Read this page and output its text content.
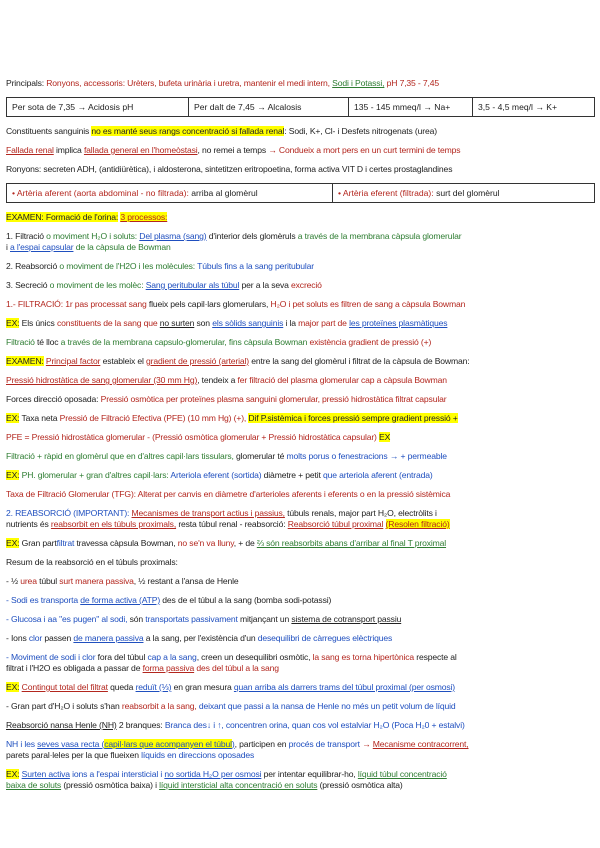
Principals: Ronyons, accessoris: Urèters, bufeta urinària i uretra, mantenir el medi intern, Sodi i Potassi, pH 7,35 - 7,45
Per sota de 7,35 → Acidosis pH	Per dalt de 7,45 → Alcalosis	135 - 145 mmeq/l → Na+	3,5 - 4,5 meq/l → K+
Constituents sanguinis no es manté seus rangs concentració si fallada renal: Sodi, K+, Cl- i Desfets nitrogenats (urea)
Fallada renal implica fallada general en l'homeòstasi, no remei a temps → Condueix a mort pers en un curt termini de temps
Ronyons: secreten ADH, (antidiürètica), i aldosterona, sintetitzen eritropoetina, forma activa VIT D i certes prostaglandines
• Artèria aferent (aorta abdominal - no filtrada): arriba al glomèrul	• Artèria eferent (filtrada): surt del glomèrul
EXAMEN: Formació de l'orina: 3 processos:
1. Filtració o moviment H₂O i soluts: Del plasma (sang) d'interior dels glomèruls a través de la membrana càpsula glomerular
i a l'espai capsular de la càpsula de Bowman
2. Reabsorció o moviment de l'H2O i les molècules: Túbuls fins a la sang peritubular
3. Secreció o moviment de les molèc: Sang peritubular als túbul per a la seva excreció
1.- FILTRACIÓ: 1r pas processat sang flueix pels capil·lars glomerulars, H₂O i pet soluts es filtren de sang a càpsula Bowman
EX: Els únics constituents de la sang que no surten son els sòlids sanguinis i la major part de les proteïnes plasmàtiques
Filtració té lloc a través de la membrana capsulo-glomerular, fins càpsula Bowman existència gradient de pressió (+)
EXAMEN: Principal factor estableix el gradient de pressió (arterial) entre la sang del glomèrul i filtrat de la càpsula de Bowman:
Pressió hidrostàtica de sang glomerular (30 mm Hg), tendeix a fer filtració del plasma glomerular cap a càpsula Bowman
Forces direcció oposada: Pressió osmòtica per proteïnes plasma sanguini glomerular, pressió hidrostàtica filtrat capsular
EX: Taxa neta Pressió de Filtració Efectiva (PFE) (10 mm Hg) (+), Dif P.sistèmica i forces pressió sempre gradient pressió +
PFE = Pressió hidrostàtica glomerular - (Pressió osmòtica glomerular + Pressió hidrostàtica capsular) EX
Filtració + ràpid en glomèrul que en d'altres capil·lars tissulars, glomerular té molts porus o fenestracions → + permeable
EX: PH. glomerular + gran d'altres capil·lars: Arteriola eferent (sortida) diàmetre + petit que arteriola aferent (entrada)
Taxa de Filtració Glomerular (TFG): Alterat per canvis en diàmetre d'arterioles aferents i eferents o en la pressió sistèmica
2. REABSORCIÓ (IMPORTANT): Mecanismes de transport actius i passius, túbuls renals, major part H₂O, electròlits i
nutrients és reabsorbit en els túbuls proximals, resta túbul renal - reabsorció: Reabsorció túbul proximal (Resolen filtració)
EX: Gran partfiltrat travessa càpsula Bowman, no se'n va lluny, + de ⅔ són reabsorbits abans d'arribar al final T proximal
Resum de la reabsorció en el túbuls proximals:
- ½ urea túbul surt manera passiva, ½ restant a l'ansa de Henle
- Sodi es transporta de forma activa (ATP) des de el túbul a la sang (bomba sodi-potassi)
- Glucosa i aa "es pugen" al sodi, són transportats passivament mitjançant un sistema de cotransport passiu
- Ions clor passen de manera passiva a la sang, per l'existència d'un desequilibri de càrregues elèctriques
- Moviment de sodi i clor fora del túbul cap a la sang, creen un desequilibri osmòtic, la sang es torna hipertònica respecte al
filtrat i l'H2O es obligada a passar de forma passiva des del túbul a la sang
EX: Contingut total del filtrat queda reduït (⅓) en gran mesura quan arriba als darrers trams del túbul proximal (per osmosi)
- Gran part d'H₂O i soluts s'han reabsorbit a la sang, deixant que passi a la nansa de Henle no més un petit volum de líquid
Reabsorció nansa Henle (NH) 2 branques: Branca des↓ i ↑, concentren orina, quan cos vol estalviar H₂O (Poca H₂0 + estalvi)
NH i les seves vasa recta (capil·lars que acompanyen el túbul), participen en procés de transport → Mecanisme contracorrent,
parets paral·leles per la que flueixen líquids en direccions oposades
EX: Surten activa ions a l'espai intersticial i no sortida H₂O per osmosi per intentar equilibrar-ho, líquid túbul concentració
baixa de soluts (pressió osmòtica baixa) i líquid intersticial alta concentració en soluts (pressió osmòtica alta)
